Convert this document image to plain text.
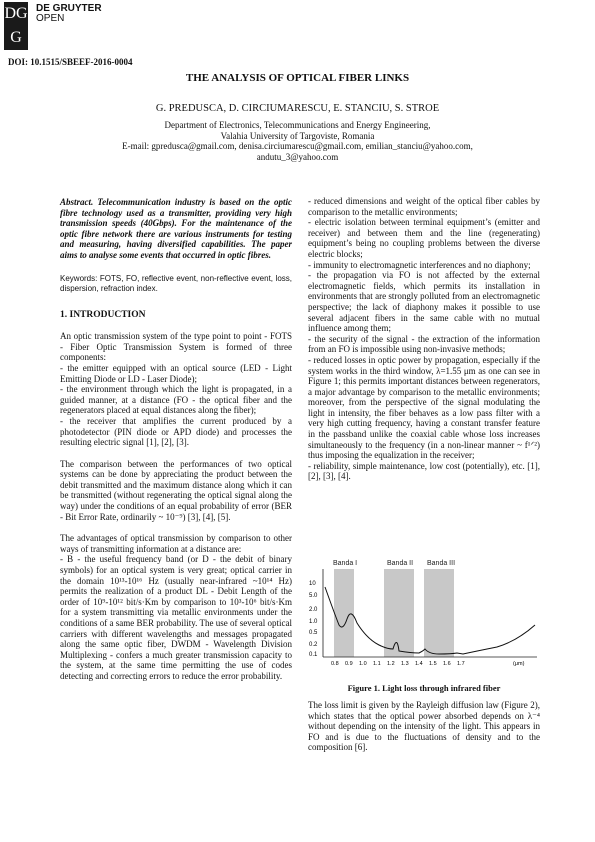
DG
G
DE GRUYTER
OPEN
DOI: 10.1515/SBEEF-2016-0004
THE ANALYSIS OF OPTICAL FIBER LINKS
G. PREDUSCA, D. CIRCIUMARESCU, E. STANCIU, S. STROE
Department of Electronics, Telecommunications and Energy Engineering,
Valahia University of Targoviste, Romania
E-mail: gpredusca@gmail.com, denisa.circiumarescu@gmail.com, emilian_stanciu@yahoo.com,
andutu_3@yahoo.com

Abstract. Telecommunication industry is based on the optic fibre technology used as a transmitter, providing very high transmission speeds (40Gbps). For the maintenance of the optic fibre network there are various instruments for testing and measuring, having diversified capabilities. The paper aims to analyse some events that occurred in optic fibres.

Keywords: FOTS, FO, reflective event, non-reflective event, loss, dispersion, refraction index.

1. INTRODUCTION

An optic transmission system of the type point to point - FOTS - Fiber Optic Transmission System is formed of three components:

- the emitter equipped with an optical source (LED - Light Emitting Diode or LD - Laser Diode);

- the environment through which the light is propagated, in a guided manner, at a distance (FO - the optical fiber and the regenerators placed at equal distances along the fiber);

- the receiver that amplifies the current produced by a photodetector (PIN diode or APD diode) and processes the resulting electric signal [1], [2], [3].

The comparison between the performances of two optical systems can be done by appreciating the product between the debit transmitted and the maximum distance along which it can be transmitted (without regenerating the optical signal along the way) under the conditions of an equal probability of error (BER - Bit Error Rate, ordinarily ~ 10⁻⁹) [3], [4], [5].

The advantages of optical transmission by comparison to other ways of transmitting information at a distance are:

- B - the useful frequency band (or D - the debit of binary symbols) for an optical system is very great; optical carrier in the domain 10¹³-10¹⁶ Hz (usually near-infrared ~10¹⁴ Hz) permits the realization of a product DL - Debit Length of the order of 10⁹-10¹² bit/s·Km by comparison to 10³-10⁶ bit/s·Km for a system transmitting via metallic environments under the conditions of a same BER probability. The use of several optical carriers with different wavelengths and messages propagated along the same optic fiber, DWDM - Wavelength Division Multiplexing - confers a much greater transmission capacity to the system, at the same time permitting the use of codes detecting and correcting errors to reduce the error probability.

- reduced dimensions and weight of the optical fiber cables by comparison to the metallic environments;

- electric isolation between terminal equipment’s (emitter and receiver) and between them and the line (regenerating) equipment’s being no coupling problems between the diverse electric blocks;

- immunity to electromagnetic interferences and no diaphony;

- the propagation via FO is not affected by the external electromagnetic fields, which permits its installation in environments that are strongly polluted from an electromagnetic perspective; the lack of diaphony makes it possible to use several adjacent fibers in the same cable with no mutual influence among them;

- the security of the signal - the extraction of the information from an FO is impossible using non-invasive methods;

- reduced losses in optic power by propagation, especially if the system works in the third window, λ=1.55 μm as one can see in Figure 1; this permits important distances between regenerators, a major advantage by comparison to the metallic environments; moreover, from the perspective of the signal modulating the light in intensity, the fiber behaves as a low pass filter with a very high cutting frequency, having a constant transfer feature in the passband unlike the coaxial cable whose loss increases simultaneously to the frequency (in a non-linear manner ~ f¹ᐟ²) thus imposing the equalization in the receiver;

- reliability, simple maintenance, low cost (potentially), etc. [1], [2], [3], [4].

Banda I	Banda II Banda III
10
5.0
2.0
1.0
0.5
0.2
0.1
0.8 0.9 1.0 1.1 1.2 1.3 1.4 1.5 1.6 1.7	(μm)
Figure 1. Light loss through infrared fiber

The loss limit is given by the Rayleigh diffusion law (Figure 2), which states that the optical power absorbed depends on λ⁻⁴ without depending on the intensity of the light. This appears in FO and is due to the fluctuations of density and to the composition [6].
